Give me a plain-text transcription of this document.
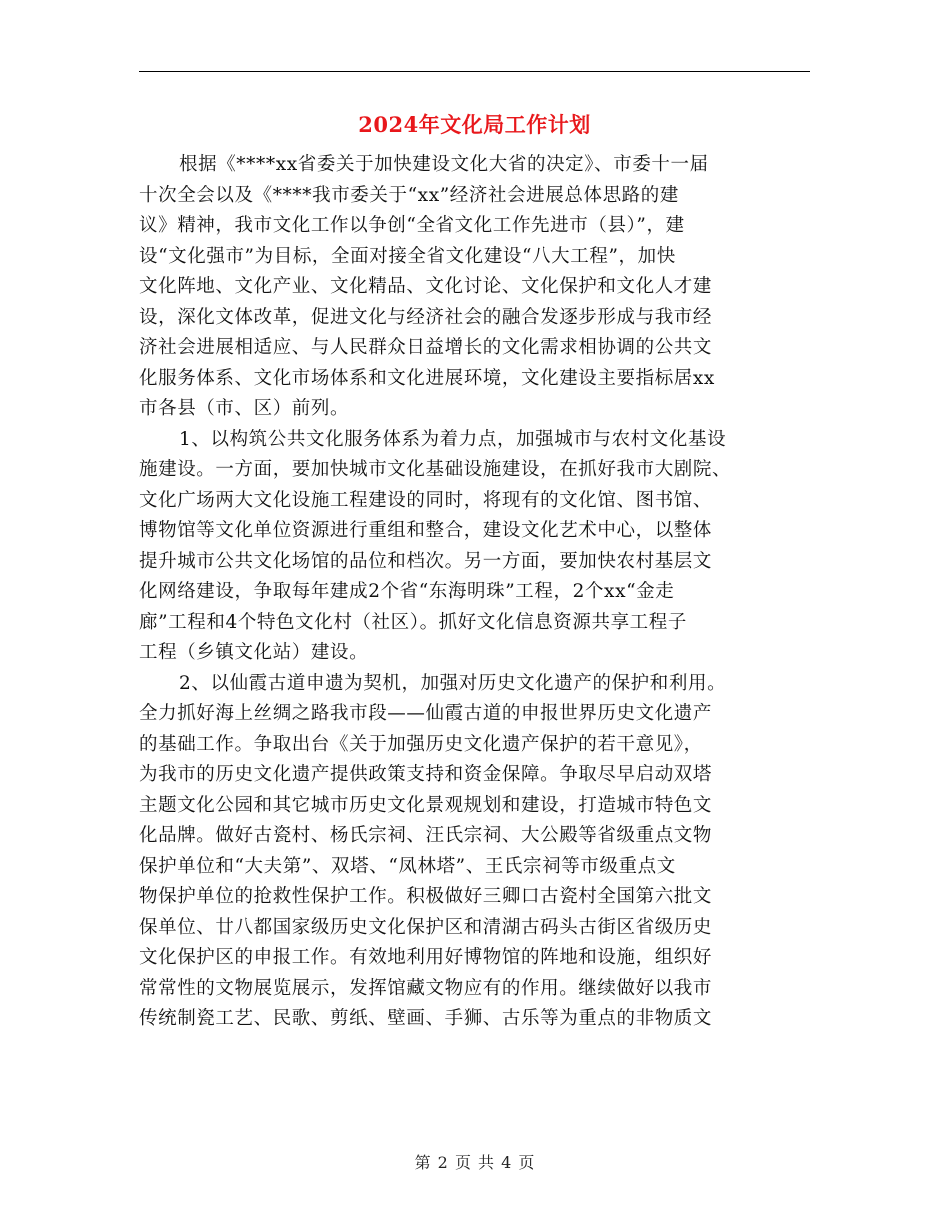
2024年文化局工作计划
根据《****xx省委关于加快建设文化大省的决定》、市委十一届
十次全会以及《****我市委关于“xx”经济社会进展总体思路的建
议》精神，我市文化工作以争创“全省文化工作先进市（县）”，建
设“文化强市”为目标，全面对接全省文化建设“八大工程”，加快
文化阵地、文化产业、文化精品、文化讨论、文化保护和文化人才建
设，深化文体改革，促进文化与经济社会的融合发逐步形成与我市经
济社会进展相适应、与人民群众日益增长的文化需求相协调的公共文
化服务体系、文化市场体系和文化进展环境，文化建设主要指标居xx
市各县（市、区）前列。
1、以构筑公共文化服务体系为着力点，加强城市与农村文化基设
施建设。一方面，要加快城市文化基础设施建设，在抓好我市大剧院、
文化广场两大文化设施工程建设的同时，将现有的文化馆、图书馆、
博物馆等文化单位资源进行重组和整合，建设文化艺术中心，以整体
提升城市公共文化场馆的品位和档次。另一方面，要加快农村基层文
化网络建设，争取每年建成2个省“东海明珠”工程，2个xx“金走
廊”工程和4个特色文化村（社区）。抓好文化信息资源共享工程子
工程（乡镇文化站）建设。
2、以仙霞古道申遗为契机，加强对历史文化遗产的保护和利用。
全力抓好海上丝绸之路我市段——仙霞古道的申报世界历史文化遗产
的基础工作。争取出台《关于加强历史文化遗产保护的若干意见》，
为我市的历史文化遗产提供政策支持和资金保障。争取尽早启动双塔
主题文化公园和其它城市历史文化景观规划和建设，打造城市特色文
化品牌。做好古瓷村、杨氏宗祠、汪氏宗祠、大公殿等省级重点文物
保护单位和“大夫第”、双塔、“凤林塔”、王氏宗祠等市级重点文
物保护单位的抢救性保护工作。积极做好三卿口古瓷村全国第六批文
保单位、廿八都国家级历史文化保护区和清湖古码头古街区省级历史
文化保护区的申报工作。有效地利用好博物馆的阵地和设施，组织好
常常性的文物展览展示，发挥馆藏文物应有的作用。继续做好以我市
传统制瓷工艺、民歌、剪纸、壁画、手狮、古乐等为重点的非物质文
第 2 页 共 4 页
